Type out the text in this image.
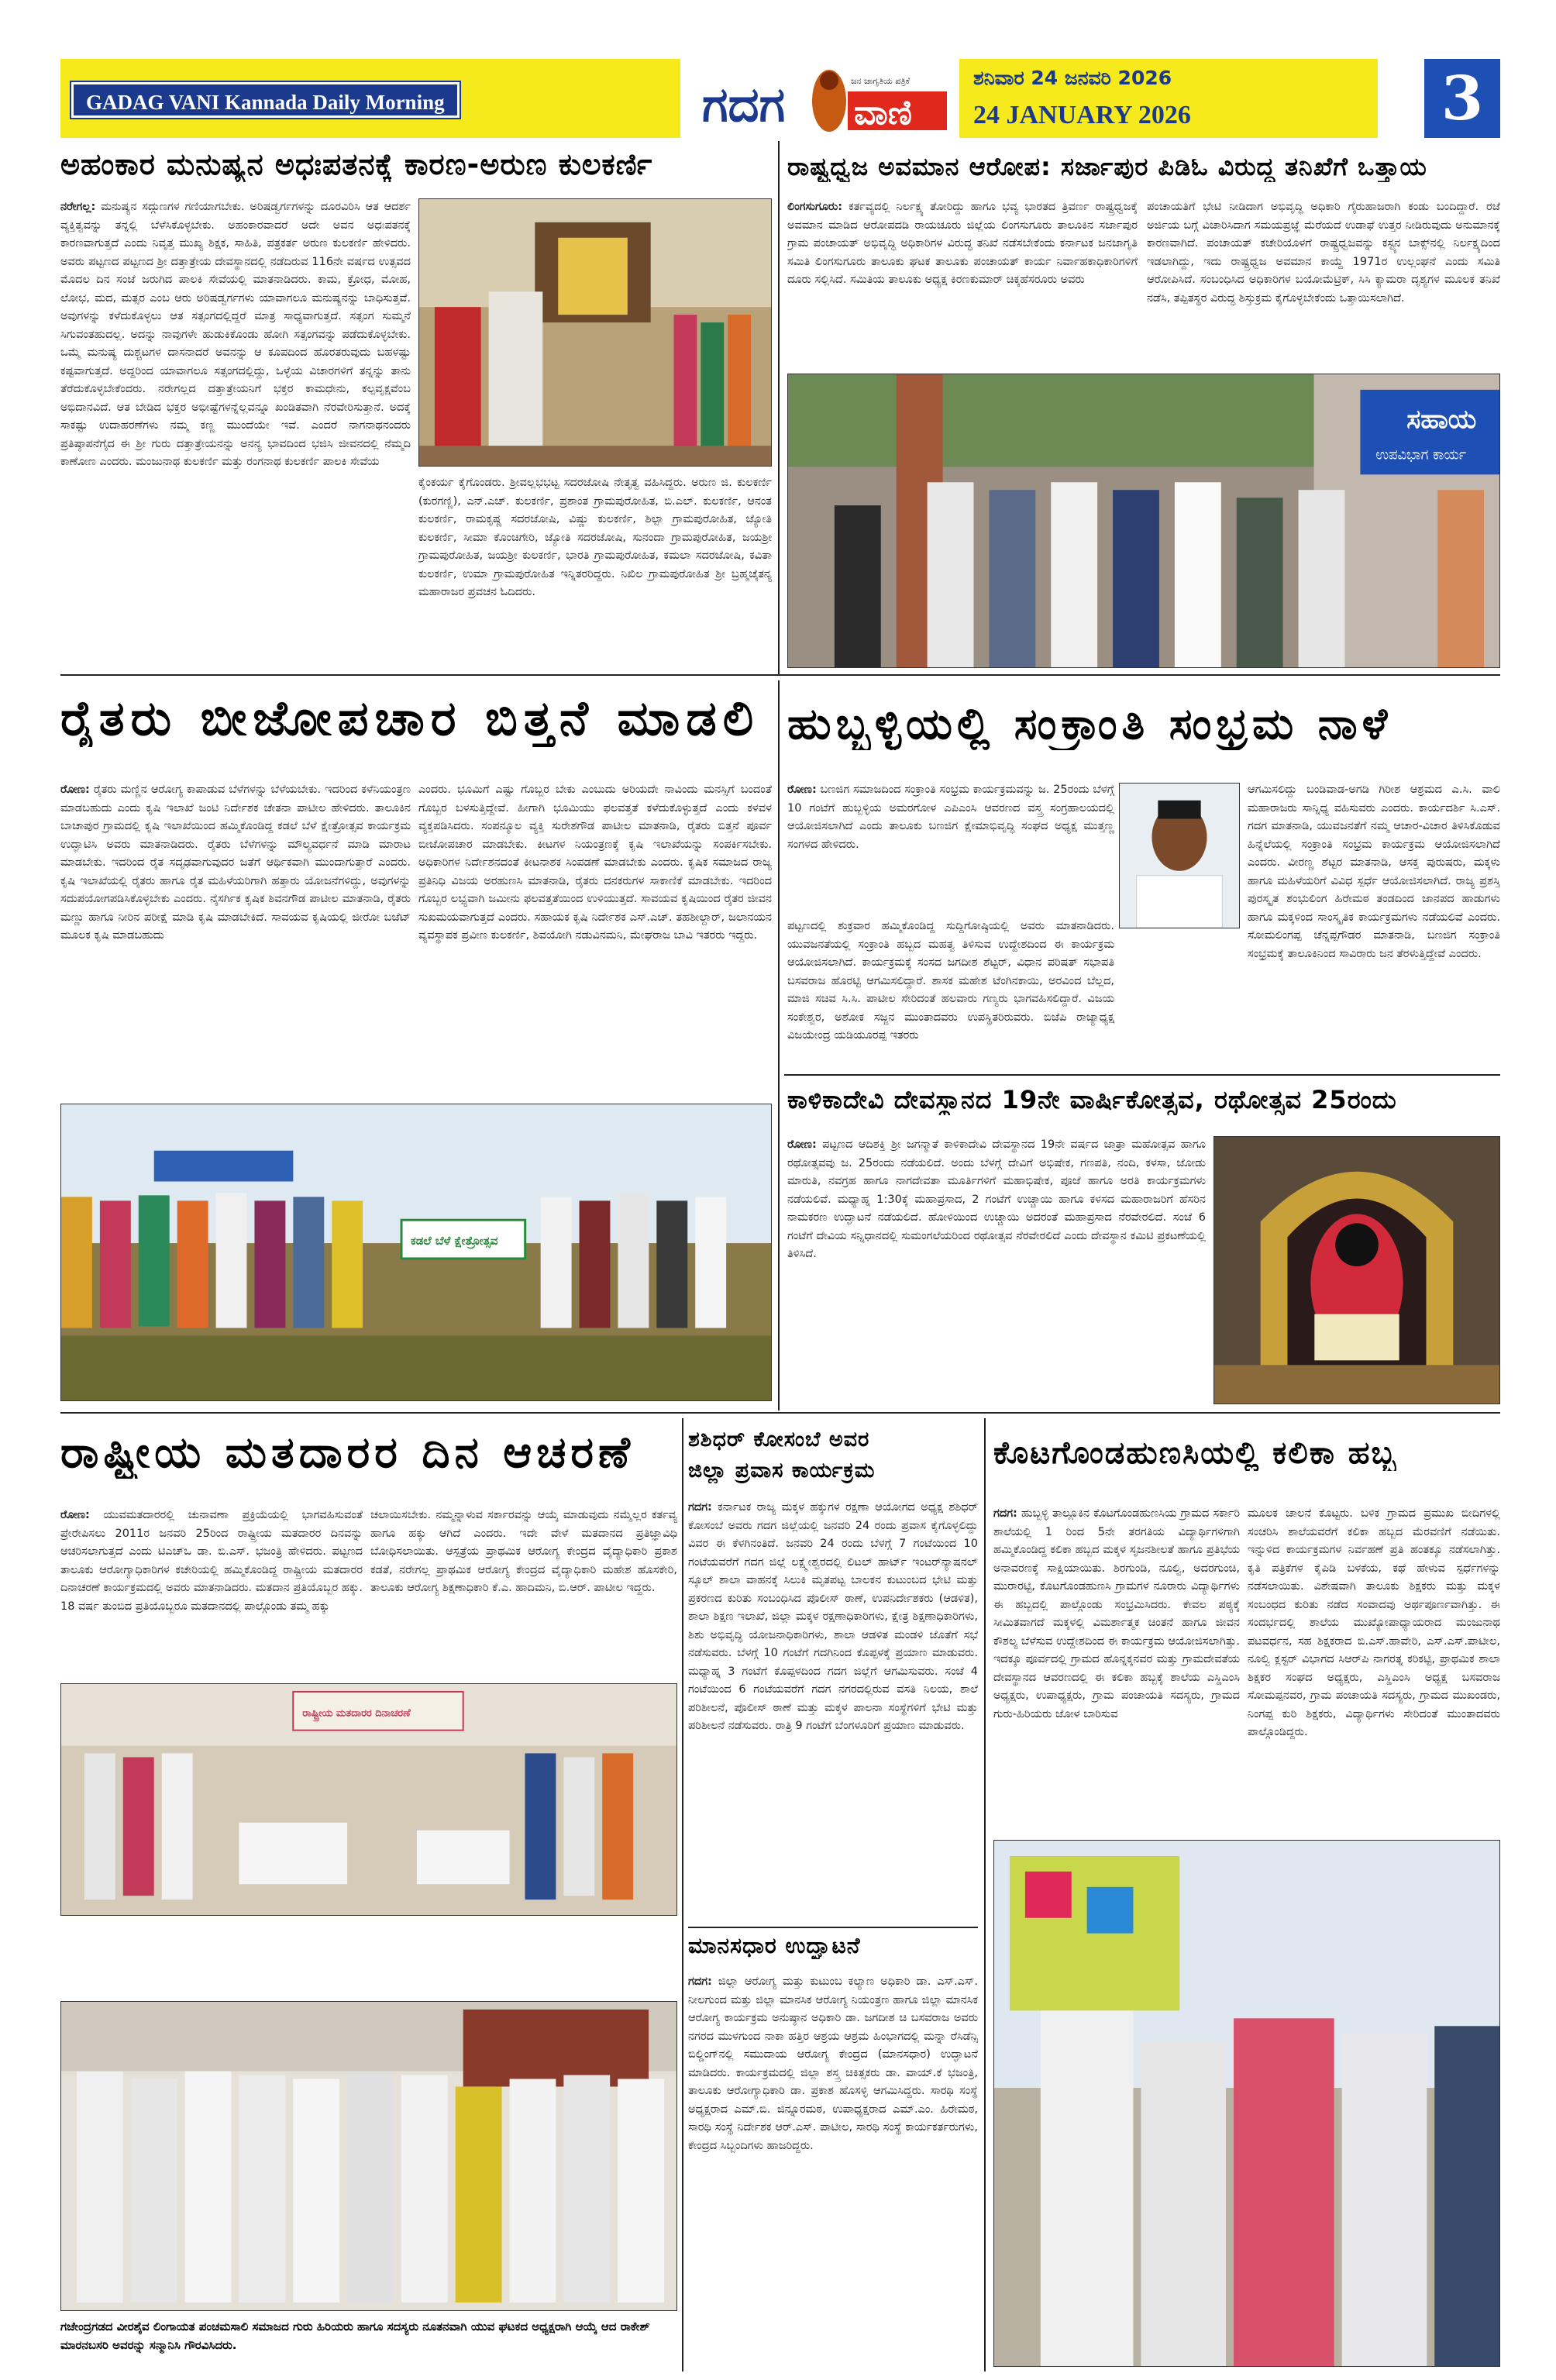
GADAG VANI Kannada Daily Morning	ಗದಗ ವಾಣಿ
ಜನ ಜಾಗೃತಿಯ ಪತ್ರಿಕೆ	ಶನಿವಾರ 24 ಜನವರಿ 2026
24 JANUARY 2026	3
ಅಹಂಕಾರ ಮನುಷ್ಯನ ಅಧಃಪತನಕ್ಕೆ ಕಾರಣ-ಅರುಣ ಕುಲಕರ್ಣಿ
ನರೇಗಲ್ಲ: ಮನುಷ್ಯನ ಸದ್ಗುಣಗಳ ಗಣಿಯಾಗಬೇಕು. ಅರಿಷಡ್ವರ್ಗಗಳನ್ನು ದೂರವಿರಿಸಿ ಆತ ಆದರ್ಶ ವ್ಯಕ್ತಿತ್ವವನ್ನು ತನ್ನಲ್ಲಿ ಬೆಳೆಸಿಕೊಳ್ಳಬೇಕು. ಅಹಂಕಾರವಾದರೆ ಅದೇ ಅವನ ಅಧಃಪತನಕ್ಕೆ ಕಾರಣವಾಗುತ್ತದೆ ಎಂದು ನಿವೃತ್ತ ಮುಖ್ಯ ಶಿಕ್ಷಕ, ಸಾಹಿತಿ, ಪತ್ರಕರ್ತ ಅರುಣ ಕುಲಕರ್ಣಿ ಹೇಳಿದರು. ಅವರು ಪಟ್ಟಣದ ಪಟ್ಟಣದ ಶ್ರೀ ದತ್ತಾತ್ರೇಯ ದೇವಸ್ಥಾನದಲ್ಲಿ ನಡೆದಿರುವ 116ನೇ ವರ್ಷದ ಉತ್ಸವದ ಮೊದಲ ದಿನ ಸಂಜೆ ಜರುಗಿದ ಪಾಲಕಿ ಸೇವೆಯಲ್ಲಿ ಮಾತನಾಡಿದರು. ಕಾಮ, ಕ್ರೋಧ, ಮೋಹ, ಲೋಭ, ಮದ, ಮತ್ಸರ ಎಂಬ ಆರು ಅರಿಷಡ್ವರ್ಗಗಳು ಯಾವಾಗಲೂ ಮನುಷ್ಯನನ್ನು ಬಾಧಿಸುತ್ತವೆ. ಅವುಗಳನ್ನು ಕಳೆದುಕೊಳ್ಳಲು ಆತ ಸತ್ಸಂಗದಲ್ಲಿದ್ದರೆ ಮಾತ್ರ ಸಾಧ್ಯವಾಗುತ್ತದೆ. ಸತ್ಸಂಗ ಸುಮ್ಮನೆ ಸಿಗುವಂತಹುದಲ್ಲ. ಅದನ್ನು ನಾವುಗಳೇ ಹುಡುಕಿಕೊಂಡು ಹೋಗಿ ಸತ್ಸಂಗವನ್ನು ಪಡೆದುಕೊಳ್ಳಬೇಕು. ಒಮ್ಮೆ ಮನುಷ್ಯ ದುಶ್ಚಟಗಳ ದಾಸನಾದರೆ ಅವನನ್ನು ಆ ಕೂಪದಿಂದ ಹೊರತರುವುದು ಬಹಳಷ್ಟು ಕಷ್ಟವಾಗುತ್ತದೆ. ಅದ್ದರಿಂದ ಯಾವಾಗಲೂ ಸತ್ಸಂಗದಲ್ಲಿದ್ದು, ಒಳ್ಳೆಯ ವಿಚಾರಗಳಿಗೆ ತನ್ನನ್ನು ತಾನು ತೆರೆದುಕೊಳ್ಳಬೇಕೆಂದರು. ನರೇಗಲ್ಲದ ದತ್ತಾತ್ರೇಯನಿಗೆ ಭಕ್ತರ ಕಾಮಧೇನು, ಕಲ್ಪವೃಕ್ಷವೆಂಬ ಅಭಿದಾನವಿದೆ. ಆತ ಬೇಡಿದ ಭಕ್ತರ ಅಭೀಷ್ಟೆಗಳನ್ನೆಲ್ಲವನ್ನೂ ಖಂಡಿತವಾಗಿ ನೆರವೇರಿಸುತ್ತಾನೆ. ಅದಕ್ಕೆ ಸಾಕಷ್ಟು ಉದಾಹರಣೆಗಳು ನಮ್ಮ ಕಣ್ಣ ಮುಂದೆಯೇ ಇವೆ. ಎಂದರೆ ನಾಗನಾಥನಂದರು ಪ್ರತಿಷ್ಠಾಪನೆಗೈದ ಈ ಶ್ರೀ ಗುರು ದತ್ತಾತ್ರೇಯನನ್ನು ಅನನ್ಯ ಭಾವದಿಂದ ಭಜಿಸಿ ಜೀವನದಲ್ಲಿ ನೆಮ್ಮದಿ ಕಾಣೋಣ ಎಂದರು. ಮಂಜುನಾಥ ಕುಲಕರ್ಣಿ ಮತ್ತು ರಂಗನಾಥ ಕುಲಕರ್ಣಿ ಪಾಲಕಿ ಸೇವೆಯ
ಕೈಂಕರ್ಯ ಕೈಗೊಂಡರು. ಶ್ರೀವಲ್ಲಭಭಟ್ಟ ಸದರಜೋಷಿ ನೇತೃತ್ವ ವಹಿಸಿದ್ದರು. ಅರುಣ ಜಿ. ಕುಲಕರ್ಣಿ (ಕುರಗಣ್ಣಿ), ಎನ್.ಎಚ್. ಕುಲಕರ್ಣಿ, ಪ್ರಶಾಂತ ಗ್ರಾಮಪುರೋಹಿತ, ಬಿ.ಎಲ್. ಕುಲಕರ್ಣಿ, ಆನಂತ ಕುಲಕರ್ಣಿ, ರಾಮಕೃಷ್ಣ ಸದರಜೋಷಿ, ವಿಷ್ಣು ಕುಲಕರ್ಣಿ, ಶಿಲ್ಪಾ ಗ್ರಾಮಪುರೋಹಿತ, ಜ್ಯೋತಿ ಕುಲಕರ್ಣಿ, ಸೀಮಾ ಕೊಂಚಿಗೇರಿ, ಜ್ಯೋತಿ ಸದರಜೋಷಿ, ಸುನಂದಾ ಗ್ರಾಮಪುರೋಹಿತ, ಜಯಶ್ರೀ ಗ್ರಾಮಪುರೋಹಿತ, ಜಯಶ್ರೀ ಕುಲಕರ್ಣಿ, ಭಾರತಿ ಗ್ರಾಮಪುರೋಹಿತ, ಕಮಲಾ ಸದರಜೋಷಿ, ಕವಿತಾ ಕುಲಕರ್ಣಿ, ಉಮಾ ಗ್ರಾಮಪುರೋಹಿತ ಇನ್ನಿತರರಿದ್ದರು. ನಿಖಿಲ ಗ್ರಾಮಪುರೋಹಿತ ಶ್ರೀ ಬ್ರಹ್ಮಚೈತನ್ಯ ಮಹಾರಾಜರ ಪ್ರವಚನ ಓದಿದರು.
ರಾಷ್ಟ್ರಧ್ವಜ ಅವಮಾನ ಆರೋಪ: ಸರ್ಜಾಪುರ ಪಿಡಿಓ ವಿರುದ್ಧ ತನಿಖೆಗೆ ಒತ್ತಾಯ
ಲಿಂಗಸುಗೂರು: ಕರ್ತವ್ಯದಲ್ಲಿ ನಿರ್ಲಕ್ಷ್ಯ ತೋರಿದ್ದು ಹಾಗೂ ಭವ್ಯ ಭಾರತದ ತ್ರಿವರ್ಣ ರಾಷ್ಟ್ರಧ್ವಜಕ್ಕೆ ಅವಮಾನ ಮಾಡಿದ ಆರೋಪದಡಿ ರಾಯಚೂರು ಜಿಲ್ಲೆಯ ಲಿಂಗಸುಗೂರು ತಾಲೂಕಿನ ಸರ್ಜಾಪುರ ಗ್ರಾಮ ಪಂಚಾಯತ್ ಅಭಿವೃದ್ಧಿ ಅಧಿಕಾರಿಗಳ ವಿರುದ್ಧ ತನಿಖೆ ನಡೆಸಬೇಕೆಂದು ಕರ್ನಾಟಕ ಜನಜಾಗೃತಿ ಸಮಿತಿ ಲಿಂಗಸುಗೂರು ತಾಲೂಕು ಘಟಕ ತಾಲೂಕು ಪಂಚಾಯತ್ ಕಾರ್ಯ ನಿರ್ವಾಹಕಾಧಿಕಾರಿಗಳಿಗೆ ದೂರು ಸಲ್ಲಿಸಿದೆ. ಸಮಿತಿಯ ತಾಲೂಕು ಅಧ್ಯಕ್ಷ ಕಿರಣಕುಮಾರ್ ಚಿಕ್ಕಹೆಸರೂರು ಅವರು
ಪಂಚಾಯತಿಗೆ ಭೇಟಿ ನೀಡಿದಾಗ ಅಭಿವೃದ್ಧಿ ಅಧಿಕಾರಿ ಗೈರುಹಾಜರಾಗಿ ಕಂಡು ಬಂದಿದ್ದಾರೆ. ರಜೆ ಅರ್ಜಿಯ ಬಗ್ಗೆ ವಿಚಾರಿಸಿದಾಗ ಸಮಯಪ್ರಜ್ಞೆ ಮೆರೆಯದೆ ಉಡಾಫೆ ಉತ್ತರ ನೀಡಿರುವುದು ಅನುಮಾನಕ್ಕೆ ಕಾರಣವಾಗಿದೆ. ಪಂಚಾಯತ್ ಕಚೇರಿಯೊಳಗೆ ರಾಷ್ಟ್ರಧ್ವಜವನ್ನು ಕಸ್ಟ್ಯನ ಬಾಕ್ಸ್‌ನಲ್ಲಿ ನಿರ್ಲಕ್ಷ್ಯದಿಂದ ಇಡಲಾಗಿದ್ದು, ಇದು ರಾಷ್ಟ್ರಧ್ವಜ ಅವಮಾನ ಕಾಯ್ದೆ 1971ರ ಉಲ್ಲಂಘನೆ ಎಂದು ಸಮಿತಿ ಆರೋಪಿಸಿದೆ. ಸಂಬಂಧಿಸಿದ ಅಧಿಕಾರಿಗಳ ಬಯೋಮೆಟ್ರಿಕ್, ಸಿಸಿ ಕ್ಯಾಮರಾ ದೃಶ್ಯಗಳ ಮೂಲಕ ತನಿಖೆ ನಡೆಸಿ, ತಪ್ಪಿತಸ್ಥರ ವಿರುದ್ಧ ಶಿಸ್ತುಕ್ರಮ ಕೈಗೊಳ್ಳಬೇಕೆಂದು ಒತ್ತಾಯಿಸಲಾಗಿದೆ.
ಸಹಾಯ
ಉಪವಿಭಾಗ ಕಾರ್ಯ
ರೈತರು ಬೀಜೋಪಚಾರ ಬಿತ್ತನೆ ಮಾಡಲಿ
ರೋಣ: ರೈತರು ಮಣ್ಣಿನ ಆರೋಗ್ಯ ಕಾಪಾಡುವ ಬೆಳೆಗಳನ್ನು ಬೆಳೆಯಬೇಕು. ಇದರಿಂದ ಕಳೆನಿಯಂತ್ರಣ ಮಾಡಬಹುದು ಎಂದು ಕೃಷಿ ಇಲಾಖೆ ಜಂಟಿ ನಿರ್ದೇಶಕ ಚೇತನಾ ಪಾಟೀಲ ಹೇಳಿದರು. ತಾಲೂಕಿನ ಬಾಚಾಪುರ ಗ್ರಾಮದಲ್ಲಿ ಕೃಷಿ ಇಲಾಖೆಯಿಂದ ಹಮ್ಮಿಕೊಂಡಿದ್ದ ಕಡಲೆ ಬೆಳೆ ಕ್ಷೇತ್ರೋತ್ಸವ ಕಾರ್ಯಕ್ರಮ ಉದ್ಘಾಟಿಸಿ ಅವರು ಮಾತನಾಡಿದರು. ರೈತರು ಬೆಳೆಗಳನ್ನು ಮೌಲ್ಯವರ್ಧನೆ ಮಾಡಿ ಮಾರಾಟ ಮಾಡಬೇಕು. ಇದರಿಂದ ರೈತ ಸದೃಢವಾಗುವುದರ ಜತೆಗೆ ಆರ್ಥಿಕವಾಗಿ ಮುಂದಾಗುತ್ತಾರೆ ಎಂದರು. ಕೃಷಿ ಇಲಾಖೆಯಲ್ಲಿ ರೈತರು ಹಾಗೂ ರೈತ ಮಹಿಳೆಯರಿಗಾಗಿ ಹತ್ತಾರು ಯೋಜನೆಗಳಿದ್ದು, ಅವುಗಳನ್ನು ಸದುಪಯೋಗಪಡಿಸಿಕೊಳ್ಳಬೇಕು ಎಂದರು. ನೈಸರ್ಗಿಕ ಕೃಷಿಕ ಶಿವನಗೌಡ ಪಾಟೀಲ ಮಾತನಾಡಿ, ರೈತರು ಮಣ್ಣು ಹಾಗೂ ನೀರಿನ ಪರೀಕ್ಷೆ ಮಾಡಿ ಕೃಷಿ ಮಾಡಬೇಕಿದೆ. ಸಾವಯವ ಕೃಷಿಯಲ್ಲಿ ಜೀರೋ ಬಜೆಟ್ ಮೂಲಕ ಕೃಷಿ ಮಾಡಬಹುದು
ಎಂದರು. ಭೂಮಿಗೆ ಎಷ್ಟು ಗೊಬ್ಬರ ಬೇಕು ಎಂಬುದು ಅರಿಯದೇ ನಾವಿಂದು ಮನಸ್ಸಿಗೆ ಬಂದಂತೆ ಗೊಬ್ಬರ ಬಳಸುತ್ತಿದ್ದೇವೆ. ಹೀಗಾಗಿ ಭೂಮಿಯು ಫಲವತ್ತತೆ ಕಳೆದುಕೊಳ್ಳುತ್ತದೆ ಎಂದು ಕಳವಳ ವ್ಯಕ್ತಪಡಿಸಿದರು. ಸಂಪನ್ಮೂಲ ವ್ಯಕ್ತಿ ಸುರೇಶಗೌಡ ಪಾಟೀಲ ಮಾತನಾಡಿ, ರೈತರು ಬಿತ್ತನೆ ಪೂರ್ವ ಬೀಜೋಪಚಾರ ಮಾಡಬೇಕು. ಕೀಟಗಳ ನಿಯಂತ್ರಣಕ್ಕೆ ಕೃಷಿ ಇಲಾಖೆಯನ್ನು ಸಂಪರ್ಕಿಸಬೇಕು. ಅಧಿಕಾರಿಗಳ ನಿರ್ದೇಶನದಂತೆ ಕೀಟನಾಶಕ ಸಿಂಪಡಣೆ ಮಾಡಬೇಕು ಎಂದರು. ಕೃಷಿಕ ಸಮಾಜದ ರಾಜ್ಯ ಪ್ರತಿನಿಧಿ ವಿಜಯ ಅರಹುಣಸಿ ಮಾತನಾಡಿ, ರೈತರು ದನಕರುಗಳ ಸಾಕಾಣಿಕೆ ಮಾಡಬೇಕು. ಇದರಿಂದ ಗೊಬ್ಬರ ಲಭ್ಯವಾಗಿ ಜಮೀನು ಫಲವತ್ತತೆಯಿಂದ ಉಳಿಯುತ್ತದೆ. ಸಾವಯವ ಕೃಷಿಯಿಂದ ರೈತರ ಜೀವನ ಸುಖಮಯವಾಗುತ್ತದೆ ಎಂದರು. ಸಹಾಯಕ ಕೃಷಿ ನಿರ್ದೇಶಕ ಎಸ್.ಎಚ್. ತಹಶೀಲ್ದಾರ್, ಜಲಾನಯನ ವ್ಯವಸ್ಥಾಪಕ ಪ್ರವೀಣ ಕುಲಕರ್ಣಿ, ಶಿವಯೋಗಿ ನಡುವಿನಮನಿ, ಮೇಘರಾಜ ಬಾವಿ ಇತರರು ಇದ್ದರು.
ಕಡಲೆ ಬೆಳೆ ಕ್ಷೇತ್ರೋತ್ಸವ
ಹುಬ್ಬಳ್ಳಿಯಲ್ಲಿ ಸಂಕ್ರಾಂತಿ ಸಂಭ್ರಮ ನಾಳೆ
ರೋಣ: ಬಣಜಿಗ ಸಮಾಜದಿಂದ ಸಂಕ್ರಾಂತಿ ಸಂಭ್ರಮ ಕಾರ್ಯಕ್ರಮವನ್ನು ಜ. 25ರಂದು ಬೆಳಗ್ಗೆ 10 ಗಂಟೆಗೆ ಹುಬ್ಬಳ್ಳಿಯ ಅಮರಗೋಳ ಎಪಿಎಂಸಿ ಆವರಣದ ವಸ್ತ್ರ ಸಂಗ್ರಹಾಲಯದಲ್ಲಿ ಆಯೋಜಿಸಲಾಗಿದೆ ಎಂದು ತಾಲೂಕು ಬಣಜಿಗ ಕ್ಷೇಮಾಭಿವೃದ್ಧಿ ಸಂಘದ ಅಧ್ಯಕ್ಷ ಮುತ್ತಣ್ಣ ಸಂಗಳದ ಹೇಳಿದರು.
ಪಟ್ಟಣದಲ್ಲಿ ಶುಕ್ರವಾರ ಹಮ್ಮಿಕೊಂಡಿದ್ದ ಸುದ್ದಿಗೋಷ್ಠಿಯಲ್ಲಿ ಅವರು ಮಾತನಾಡಿದರು. ಯುವಜನತೆಯಲ್ಲಿ ಸಂಕ್ರಾಂತಿ ಹಬ್ಬದ ಮಹತ್ವ ತಿಳಿಸುವ ಉದ್ದೇಶದಿಂದ ಈ ಕಾರ್ಯಕ್ರಮ ಆಯೋಜಿಸಲಾಗಿದೆ. ಕಾರ್ಯಕ್ರಮಕ್ಕೆ ಸಂಸದ ಜಗದೀಶ ಶೆಟ್ಟರ್, ವಿಧಾನ ಪರಿಷತ್ ಸಭಾಪತಿ ಬಸವರಾಜ ಹೊರಟ್ಟಿ ಆಗಮಿಸಲಿದ್ದಾರೆ. ಶಾಸಕ ಮಹೇಶ ಟೆಂಗಿನಕಾಯಿ, ಅರವಿಂದ ಬೆಲ್ಲದ, ಮಾಜಿ ಸಚಿವ ಸಿ.ಸಿ. ಪಾಟೀಲ ಸೇರಿದಂತೆ ಹಲವಾರು ಗಣ್ಯರು ಭಾಗವಹಿಸಲಿದ್ದಾರೆ. ವಿಜಯ ಸಂಕೇಶ್ವರ, ಅಶೋಕ ಸಜ್ಜನ ಮುಂತಾದವರು ಉಪಸ್ಥಿತರಿರುವರು. ಬಿಜೆಪಿ ರಾಜ್ಯಾಧ್ಯಕ್ಷ ವಿಜಯೇಂದ್ರ ಯಡಿಯೂರಪ್ಪ ಇತರರು
ಆಗಮಿಸಲಿದ್ದು ಬಂಡಿವಾಡ-ಅಗಡಿ ಗಿರೀಶ ಆಶ್ರಮದ ಎ.ಸಿ. ವಾಲಿ ಮಹಾರಾಜರು ಸಾನ್ನಿಧ್ಯ ವಹಿಸುವರು ಎಂದರು. ಕಾರ್ಯದರ್ಶಿ ಸಿ.ಎಸ್. ಗದಗ ಮಾತನಾಡಿ, ಯುವಜನತೆಗೆ ನಮ್ಮ ಆಚಾರ-ವಿಚಾರ ತಿಳಿಸಿಕೊಡುವ ಹಿನ್ನೆಲೆಯಲ್ಲಿ ಸಂಕ್ರಾಂತಿ ಸಂಭ್ರಮ ಕಾರ್ಯಕ್ರಮ ಆಯೋಜಿಸಲಾಗಿದೆ ಎಂದರು. ವೀರಣ್ಣ ಶೆಟ್ಟರ ಮಾತನಾಡಿ, ಆಸಕ್ತ ಪುರುಷರು, ಮಕ್ಕಳು ಹಾಗೂ ಮಹಿಳೆಯರಿಗೆ ವಿವಿಧ ಸ್ಪರ್ಧೆ ಆಯೋಜಿಸಲಾಗಿದೆ. ರಾಜ್ಯ ಪ್ರಶಸ್ತಿ ಪುರಸ್ಕೃತ ಶಂಭುಲಿಂಗ ಹಿರೇಮಠ ತಂಡದಿಂದ ಜಾನಪದ ಹಾಡುಗಳು ಹಾಗೂ ಮಕ್ಕಳಿಂದ ಸಾಂಸ್ಕೃತಿಕ ಕಾರ್ಯಕ್ರಮಗಳು ನಡೆಯಲಿವೆ ಎಂದರು. ಸೋಮಲಿಂಗಪ್ಪ ಚೆನ್ನಪ್ಪಗೌಡರ ಮಾತನಾಡಿ, ಬಣಜಿಗ ಸಂಕ್ರಾಂತಿ ಸಂಭ್ರಮಕ್ಕೆ ತಾಲೂಕಿನಿಂದ ಸಾವಿರಾರು ಜನ ತೆರಳುತ್ತಿದ್ದೇವೆ ಎಂದರು.
ಕಾಳಿಕಾದೇವಿ ದೇವಸ್ಥಾನದ 19ನೇ ವಾರ್ಷಿಕೋತ್ಸವ, ರಥೋತ್ಸವ 25ರಂದು
ರೋಣ: ಪಟ್ಟಣದ ಆದಿಶಕ್ತಿ ಶ್ರೀ ಜಗನ್ಮಾತೆ ಕಾಳಿಕಾದೇವಿ ದೇವಸ್ಥಾನದ 19ನೇ ವರ್ಷದ ಜಾತ್ರಾ ಮಹೋತ್ಸವ ಹಾಗೂ ರಥೋತ್ಸವವು ಜ. 25ರಂದು ನಡೆಯಲಿದೆ. ಅಂದು ಬೆಳಗ್ಗೆ ದೇವಿಗೆ ಅಭಿಷೇಕ, ಗಣಪತಿ, ನಂದಿ, ಕಳಸಾ, ಜೋಡು ಮಾರುತಿ, ನವಗ್ರಹ ಹಾಗೂ ನಾಗದೇವತಾ ಮೂರ್ತಿಗಳಿಗೆ ಮಹಾಭಿಷೇಕ, ಪೂಜೆ ಹಾಗೂ ಅರತಿ ಕಾರ್ಯಕ್ರಮಗಳು ನಡೆಯಲಿವೆ. ಮಧ್ಯಾಹ್ನ 1:30ಕ್ಕೆ ಮಹಾಪ್ರಸಾದ, 2 ಗಂಟೆಗೆ ಉಚ್ಚಾಯಿ ಹಾಗೂ ಕಳಸದ ಮಹಾರಾಜರಿಗೆ ಹೆಸರಿನ ನಾಮಕರಣ ಉದ್ಘಾಟನೆ ನಡೆಯಲಿದೆ. ಹೋಳಿಯಿಂದ ಉಚ್ಚಾಯಿ ಅದರಂತೆ ಮಹಾಪ್ರಸಾದ ನೆರವೇರಲಿದೆ. ಸಂಜೆ 6 ಗಂಟೆಗೆ ದೇವಿಯ ಸನ್ನಿಧಾನದಲ್ಲಿ ಸುಮಂಗಲೆಯರಿಂದ ರಥೋತ್ಸವ ನೆರವೇರಲಿದೆ ಎಂದು ದೇವಸ್ಥಾನ ಕಮಿಟಿ ಪ್ರಕಟಣೆಯಲ್ಲಿ ತಿಳಿಸಿದೆ.
ರಾಷ್ಟ್ರೀಯ ಮತದಾರರ ದಿನ ಆಚರಣೆ
ರೋಣ: ಯುವಮತದಾರರಲ್ಲಿ ಚುನಾವಣಾ ಪ್ರಕ್ರಿಯೆಯಲ್ಲಿ ಭಾಗವಹಿಸುವಂತೆ ಪ್ರೇರೇಪಿಸಲು 2011ರ ಜನವರಿ 25ರಿಂದ ರಾಷ್ಟ್ರೀಯ ಮತದಾರರ ದಿನವನ್ನು ಆಚರಿಸಲಾಗುತ್ತದೆ ಎಂದು ಟಿಎಚ್‌ಒ ಡಾ. ಬಿ.ಎಸ್. ಭಜಂತ್ರಿ ಹೇಳಿದರು. ಪಟ್ಟಣದ ತಾಲೂಕು ಆರೋಗ್ಯಾಧಿಕಾರಿಗಳ ಕಚೇರಿಯಲ್ಲಿ ಹಮ್ಮಿಕೊಂಡಿದ್ದ ರಾಷ್ಟ್ರೀಯ ಮತದಾರರ ದಿನಾಚರಣೆ ಕಾರ್ಯಕ್ರಮದಲ್ಲಿ ಅವರು ಮಾತನಾಡಿದರು. ಮತದಾನ ಪ್ರತಿಯೊಬ್ಬರ ಹಕ್ಕು. 18 ವರ್ಷ ತುಂಬಿದ ಪ್ರತಿಯೊಬ್ಬರೂ ಮತದಾನದಲ್ಲಿ ಪಾಲ್ಗೊಂಡು ತಮ್ಮ ಹಕ್ಕು
ಚಲಾಯಿಸಬೇಕು. ನಮ್ಮನ್ನಾಳುವ ಸರ್ಕಾರವನ್ನು ಆಯ್ಕೆ ಮಾಡುವುದು ನಮ್ಮೆಲ್ಲರ ಕರ್ತವ್ಯ ಹಾಗೂ ಹಕ್ಕು ಆಗಿದೆ ಎಂದರು. ಇದೇ ವೇಳೆ ಮತದಾನದ ಪ್ರತಿಜ್ಞಾವಿಧಿ ಬೋಧಿಸಲಾಯಿತು. ಆಸ್ಪತ್ರೆಯ ಪ್ರಾಥಮಿಕ ಆರೋಗ್ಯ ಕೇಂದ್ರದ ವೈದ್ಯಾಧಿಕಾರಿ ಪ್ರಕಾಶ ಕಡತೆ, ನರೇಗಲ್ಲ ಪ್ರಾಥಮಿಕ ಆರೋಗ್ಯ ಕೇಂದ್ರದ ವೈದ್ಯಾಧಿಕಾರಿ ಮಹೇಶ ಹೊಸಕೇರಿ, ತಾಲೂಕು ಆರೋಗ್ಯ ಶಿಕ್ಷಣಾಧಿಕಾರಿ ಕೆ.ಎ. ಹಾದಿಮನಿ, ಬಿ.ಆರ್. ಪಾಟೀಲ ಇದ್ದರು.
ರಾಷ್ಟ್ರೀಯ ಮತದಾರರ ದಿನಾಚರಣೆ
ಗಜೇಂದ್ರಗಡದ ವೀರಶೈವ ಲಿಂಗಾಯತ ಪಂಚಮಸಾಲಿ ಸಮಾಜದ ಗುರು ಹಿರಿಯರು ಹಾಗೂ ಸದಸ್ಯರು ನೂತನವಾಗಿ ಯುವ ಘಟಕದ ಅಧ್ಯಕ್ಷರಾಗಿ ಆಯ್ಕೆ ಆದ ರಾಕೇಶ್ ಮಾರನಬಸರಿ ಅವರನ್ನು ಸನ್ಮಾನಿಸಿ ಗೌರವಿಸಿದರು.
ಶಶಿಧರ್ ಕೋಸಂಬೆ ಅವರ
ಜಿಲ್ಲಾ ಪ್ರವಾಸ ಕಾರ್ಯಕ್ರಮ
ಗದಗ: ಕರ್ನಾಟಕ ರಾಜ್ಯ ಮಕ್ಕಳ ಹಕ್ಕುಗಳ ರಕ್ಷಣಾ ಆಯೋಗದ ಅಧ್ಯಕ್ಷ ಶಶಿಧರ್ ಕೋಸಂಬೆ ಅವರು ಗದಗ ಜಿಲ್ಲೆಯಲ್ಲಿ ಜನವರಿ 24 ರಂದು ಪ್ರವಾಸ ಕೈಗೊಳ್ಳಲಿದ್ದು ವಿವರ ಈ ಕೆಳಗಿನಂತಿದೆ. ಜನವರಿ 24 ರಂದು ಬೆಳಗ್ಗೆ 7 ಗಂಟೆಯಿಂದ 10 ಗಂಟೆಯವರೆಗೆ ಗದಗ ಜಿಲ್ಲೆ ಲಕ್ಷ್ಮೇಶ್ವರದಲ್ಲಿ ಲಿಟಲ್ ಹಾರ್ಟ್ ಇಂಟರ್‌ನ್ಯಾಷನಲ್ ಸ್ಕೂಲ್ ಶಾಲಾ ವಾಹನಕ್ಕೆ ಸಿಲುಕಿ ಮೃತಪಟ್ಟ ಬಾಲಕನ ಕುಟುಂಬದ ಭೇಟಿ ಮತ್ತು ಪ್ರಕರಣದ ಕುರಿತು ಸಂಬಂಧಿಸಿದ ಪೊಲೀಸ್ ಠಾಣೆ, ಉಪನಿರ್ದೇಶಕರು (ಆಡಳಿತ), ಶಾಲಾ ಶಿಕ್ಷಣ ಇಲಾಖೆ, ಜಿಲ್ಲಾ ಮಕ್ಕಳ ರಕ್ಷಣಾಧಿಕಾರಿಗಳು, ಕ್ಷೇತ್ರ ಶಿಕ್ಷಣಾಧಿಕಾರಿಗಳು, ಶಿಶು ಅಭಿವೃದ್ಧಿ ಯೋಜನಾಧಿಕಾರಿಗಳು, ಶಾಲಾ ಆಡಳಿತ ಮಂಡಳಿ ಜೊತೆಗೆ ಸಭೆ ನಡೆಸುವರು. ಬೆಳಗ್ಗೆ 10 ಗಂಟೆಗೆ ಗದಗಿನಿಂದ ಕೊಪ್ಪಳಕ್ಕೆ ಪ್ರಯಾಣ ಮಾಡುವರು. ಮಧ್ಯಾಹ್ನ 3 ಗಂಟೆಗೆ ಕೊಪ್ಪಳದಿಂದ ಗದಗ ಜಿಲ್ಲೆಗೆ ಆಗಮಿಸುವರು. ಸಂಜೆ 4 ಗಂಟೆಯಿಂದ 6 ಗಂಟೆಯವರೆಗೆ ಗದಗ ನಗರದಲ್ಲಿರುವ ವಸತಿ ನಿಲಯ, ಶಾಲೆ ಪರಿಶೀಲನೆ, ಪೊಲೀಸ್ ಠಾಣೆ ಮತ್ತು ಮಕ್ಕಳ ಪಾಲನಾ ಸಂಸ್ಥೆಗಳಿಗೆ ಭೇಟಿ ಮತ್ತು ಪರಿಶೀಲನೆ ನಡೆಸುವರು. ರಾತ್ರಿ 9 ಗಂಟೆಗೆ ಬೆಂಗಳೂರಿಗೆ ಪ್ರಯಾಣ ಮಾಡುವರು.
ಮಾನಸಧಾರ ಉದ್ಘಾಟನೆ
ಗದಗ: ಜಿಲ್ಲಾ ಆರೋಗ್ಯ ಮತ್ತು ಕುಟುಂಬ ಕಲ್ಯಾಣ ಅಧಿಕಾರಿ ಡಾ. ಎಸ್.ಎಸ್. ನೀಲಗುಂದ ಮತ್ತು ಜಿಲ್ಲಾ ಮಾನಸಿಕ ಆರೋಗ್ಯ ನಿಯಂತ್ರಣ ಹಾಗೂ ಜಿಲ್ಲಾ ಮಾನಸಿಕ ಆರೋಗ್ಯ ಕಾರ್ಯಕ್ರಮ ಅನುಷ್ಠಾನ ಅಧಿಕಾರಿ ಡಾ. ಜಗದೀಶ ಚಿ ಬಸವರಾಜ ಅವರು ನಗರದ ಮುಳಗುಂದ ನಾಕಾ ಹತ್ತಿರ ಆಶ್ರಯ ಆಶ್ರಮ ಹಿಂಭಾಗದಲ್ಲಿ ಮನ್ನಾ ರೆಸಿಡೆನ್ಸಿ ಬಿಲ್ಡಿಂಗ್‌ನಲ್ಲಿ ಸಮುದಾಯ ಆರೋಗ್ಯ ಕೇಂದ್ರದ (ಮಾನಸಧಾರ) ಉದ್ಘಾಟನೆ ಮಾಡಿದರು. ಕಾರ್ಯಕ್ರಮದಲ್ಲಿ ಜಿಲ್ಲಾ ಶಸ್ತ್ರ ಚಿಕಿತ್ಸಕರು ಡಾ. ವಾಯ್.ಕೆ ಭಜಂತ್ರಿ, ತಾಲೂಕು ಆರೋಗ್ಯಾಧಿಕಾರಿ ಡಾ. ಪ್ರಕಾಶ ಹೊಸಳ್ಳಿ ಆಗಮಿಸಿದ್ದರು. ಸಾರಥಿ ಸಂಸ್ಥೆ ಅಧ್ಯಕ್ಷರಾದ ಎಮ್.ಬಿ. ಜಿನ್ನೂರಮಠ, ಉಪಾಧ್ಯಕ್ಷರಾದ ಎಮ್.ಎಂ. ಹಿರೇಮಠ, ಸಾರಥಿ ಸಂಸ್ಥೆ ನಿರ್ದೇಶಕ ಆರ್.ಎಸ್. ಪಾಟೀಲ, ಸಾರಥಿ ಸಂಸ್ಥೆ ಕಾರ್ಯಕರ್ತರುಗಳು, ಕೇಂದ್ರದ ಸಿಬ್ಬಂದಿಗಳು ಹಾಜರಿದ್ದರು.
ಕೊಟಗೊಂಡಹುಣಸಿಯಲ್ಲಿ ಕಲಿಕಾ ಹಬ್ಬ
ಗದಗ: ಹುಬ್ಬಳ್ಳಿ ತಾಲ್ಲೂಕಿನ ಕೊಟಗೊಂಡಹುಣಸಿಯ ಗ್ರಾಮದ ಸರ್ಕಾರಿ ಶಾಲೆಯಲ್ಲಿ 1 ರಿಂದ 5ನೇ ತರಗತಿಯ ವಿದ್ಯಾರ್ಥಿಗಳಿಗಾಗಿ ಹಮ್ಮಿಕೊಂಡಿದ್ದ ಕಲಿಕಾ ಹಬ್ಬದ ಮಕ್ಕಳ ಸೃಜನಶೀಲತೆ ಹಾಗೂ ಪ್ರತಿಭೆಯ ಅನಾವರಣಕ್ಕೆ ಸಾಕ್ಷಿಯಾಯಿತು. ಶಿರಗುಂಡಿ, ನೂಲ್ವಿ, ಅದರಗುಂಚಿ, ಮುರಾರಟ್ಟಿ, ಕೊಟಗೊಂಡಹುಣಸಿ ಗ್ರಾಮಗಳ ನೂರಾರು ವಿದ್ಯಾರ್ಥಿಗಳು ಈ ಹಬ್ಬದಲ್ಲಿ ಪಾಲ್ಗೊಂಡು ಸಂಭ್ರಮಿಸಿದರು. ಕೇವಲ ಪಠ್ಯಕ್ಕೆ ಸೀಮಿತವಾಗದೆ ಮಕ್ಕಳಲ್ಲಿ ವಿಮರ್ಶಾತ್ಮಕ ಚಿಂತನೆ ಹಾಗೂ ಜೀವನ ಕೌಶಲ್ಯ ಬೆಳೆಸುವ ಉದ್ದೇಶದಿಂದ ಈ ಕಾರ್ಯಕ್ರಮ ಆಯೋಜಿಸಲಾಗಿತ್ತು. ಇದಕ್ಕೂ ಪೂರ್ವದಲ್ಲಿ ಗ್ರಾಮದ ಹೊನ್ನಕ್ಕನವರ ಮತ್ತು ಗ್ರಾಮದೇವತೆಯ ದೇವಸ್ಥಾನದ ಆವರಣದಲ್ಲಿ ಈ ಕಲಿಕಾ ಹಬ್ಬಕ್ಕೆ ಶಾಲೆಯ ಎಸ್ಡಿಎಂಸಿ ಅಧ್ಯಕ್ಷರು, ಉಪಾಧ್ಯಕ್ಷರು, ಗ್ರಾಮ ಪಂಚಾಯತಿ ಸದಸ್ಯರು, ಗ್ರಾಮದ ಗುರು-ಹಿರಿಯರು ಜೋಳ ಬಾರಿಸುವ
ಮೂಲಕ ಚಾಲನೆ ಕೊಟ್ಟರು. ಬಳಿಕ ಗ್ರಾಮದ ಪ್ರಮುಖ ಬೀದಿಗಳಲ್ಲಿ ಸಂಚರಿಸಿ ಶಾಲೆಯವರೆಗೆ ಕಲಿಕಾ ಹಬ್ಬದ ಮೆರವಣಿಗೆ ನಡೆಯಿತು. ಇನ್ನುಳಿದ ಕಾರ್ಯಕ್ರಮಗಳ ನಿರ್ವಹಣೆ ಪ್ರತಿ ಹಂತಕ್ಕೂ ನಡೆಸಲಾಗಿತ್ತು. ಕೃತಿ ಪತ್ರಿಕೆಗಳ ಕೈಪಿಡಿ ಬಳಕೆಯ, ಕಥೆ ಹೇಳುವ ಸ್ಪರ್ಧೆಗಳನ್ನು ನಡೆಸಲಾಯಿತು. ವಿಶೇಷವಾಗಿ ತಾಲೂಕು ಶಿಕ್ಷಕರು ಮತ್ತು ಮಕ್ಕಳ ಸಂಬಂಧದ ಕುರಿತು ನಡೆದ ಸಂವಾದವು ಅರ್ಥಪೂರ್ಣವಾಗಿತ್ತು. ಈ ಸಂದರ್ಭದಲ್ಲಿ ಶಾಲೆಯ ಮುಖ್ಯೋಪಾಧ್ಯಾಯರಾದ ಮಂಜುನಾಥ ಪಟವರ್ಧನ, ಸಹ ಶಿಕ್ಷಕರಾದ ಬಿ.ಎಸ್.ಹಾವೇರಿ, ಎಸ್.ಎಸ್.ಪಾಟೀಲ, ನೂಲ್ವಿ ಕ್ಲಸ್ಟರ್ ವಿಭಾಗದ ಸಿಆರ್‌ಪಿ ನಾಗರತ್ನ ಕರಿಕಟ್ಟಿ, ಪ್ರಾಥಮಿಕ ಶಾಲಾ ಶಿಕ್ಷಕರ ಸಂಘದ ಅಧ್ಯಕ್ಷರು, ಎಸ್ಡಿಎಂಸಿ ಅಧ್ಯಕ್ಷ ಬಸವರಾಜ ಸೋಮಪ್ಪನವರ, ಗ್ರಾಮ ಪಂಚಾಯತಿ ಸದಸ್ಯರು, ಗ್ರಾಮದ ಮುಖಂಡರು, ನಿಂಗಪ್ಪ ಕುರಿ ಶಿಕ್ಷಕರು, ವಿದ್ಯಾರ್ಥಿಗಳು ಸೇರಿದಂತೆ ಮುಂತಾದವರು ಪಾಲ್ಗೊಂಡಿದ್ದರು.
